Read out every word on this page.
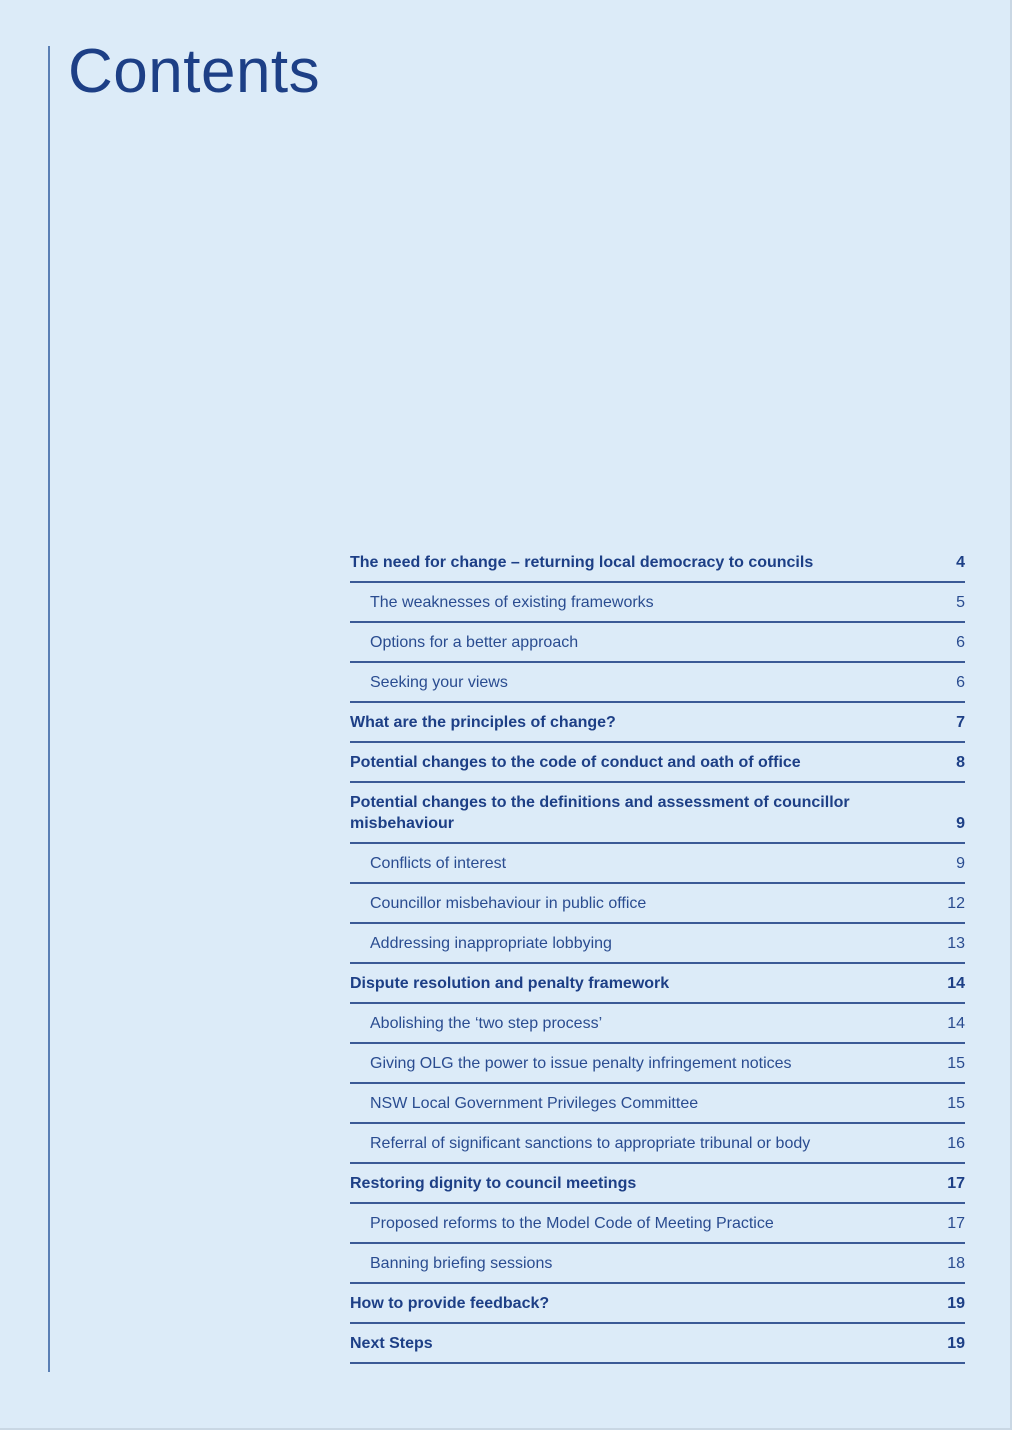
Contents
The need for change – returning local democracy to councils	4
The weaknesses of existing frameworks	5
Options for a better approach	6
Seeking your views	6
What are the principles of change?	7
Potential changes to the code of conduct and oath of office	8
Potential changes to the definitions and assessment of councillor misbehaviour	9
Conflicts of interest	9
Councillor misbehaviour in public office	12
Addressing inappropriate lobbying	13
Dispute resolution and penalty framework	14
Abolishing the ‘two step process’	14
Giving OLG the power to issue penalty infringement notices	15
NSW Local Government Privileges Committee	15
Referral of significant sanctions to appropriate tribunal or body	16
Restoring dignity to council meetings	17
Proposed reforms to the Model Code of Meeting Practice	17
Banning briefing sessions	18
How to provide feedback?	19
Next Steps	19
